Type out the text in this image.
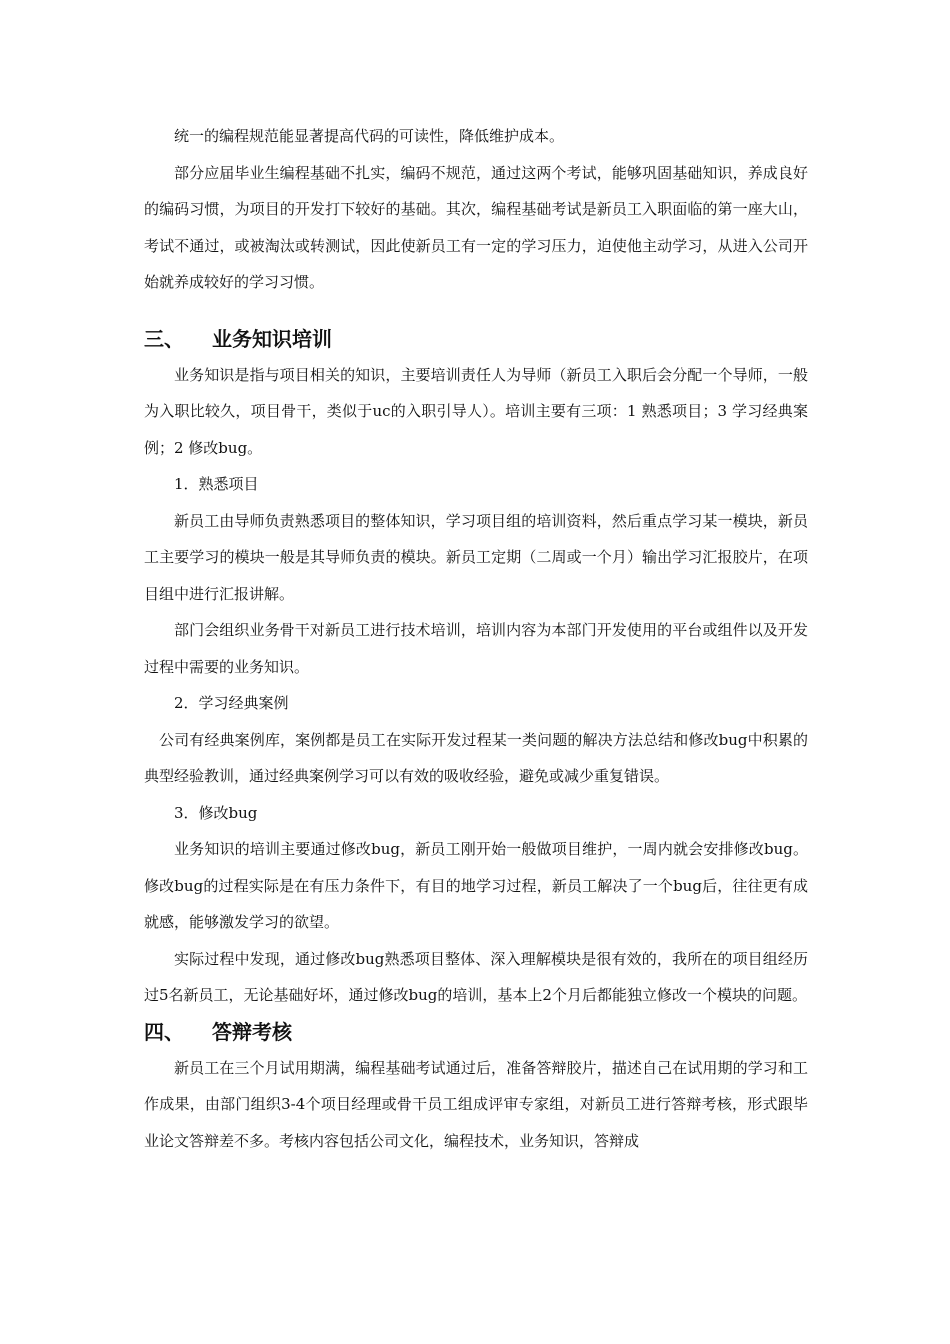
统一的编程规范能显著提高代码的可读性，降低维护成本。

部分应届毕业生编程基础不扎实，编码不规范，通过这两个考试，能够巩固基础知识，养成良好的编码习惯，为项目的开发打下较好的基础。其次，编程基础考试是新员工入职面临的第一座大山，考试不通过，或被淘汰或转测试，因此使新员工有一定的学习压力，迫使他主动学习，从进入公司开始就养成较好的学习习惯。

三、	业务知识培训

业务知识是指与项目相关的知识，主要培训责任人为导师（新员工入职后会分配一个导师，一般为入职比较久，项目骨干，类似于uc的入职引导人）。培训主要有三项：1 熟悉项目；3 学习经典案例；2 修改bug。

1．熟悉项目

新员工由导师负责熟悉项目的整体知识，学习项目组的培训资料，然后重点学习某一模块，新员工主要学习的模块一般是其导师负责的模块。新员工定期（二周或一个月）输出学习汇报胶片，在项目组中进行汇报讲解。

部门会组织业务骨干对新员工进行技术培训，培训内容为本部门开发使用的平台或组件以及开发过程中需要的业务知识。

2．学习经典案例

公司有经典案例库，案例都是员工在实际开发过程某一类问题的解决方法总结和修改bug中积累的典型经验教训，通过经典案例学习可以有效的吸收经验，避免或减少重复错误。

3．修改bug

业务知识的培训主要通过修改bug，新员工刚开始一般做项目维护，一周内就会安排修改bug。修改bug的过程实际是在有压力条件下，有目的地学习过程，新员工解决了一个bug后，往往更有成就感，能够激发学习的欲望。

实际过程中发现，通过修改bug熟悉项目整体、深入理解模块是很有效的，我所在的项目组经历过5名新员工，无论基础好坏，通过修改bug的培训，基本上2个月后都能独立修改一个模块的问题。

四、	答辩考核

新员工在三个月试用期满，编程基础考试通过后，准备答辩胶片，描述自己在试用期的学习和工作成果，由部门组织3-4个项目经理或骨干员工组成评审专家组，对新员工进行答辩考核，形式跟毕业论文答辩差不多。考核内容包括公司文化，编程技术，业务知识，答辩成
